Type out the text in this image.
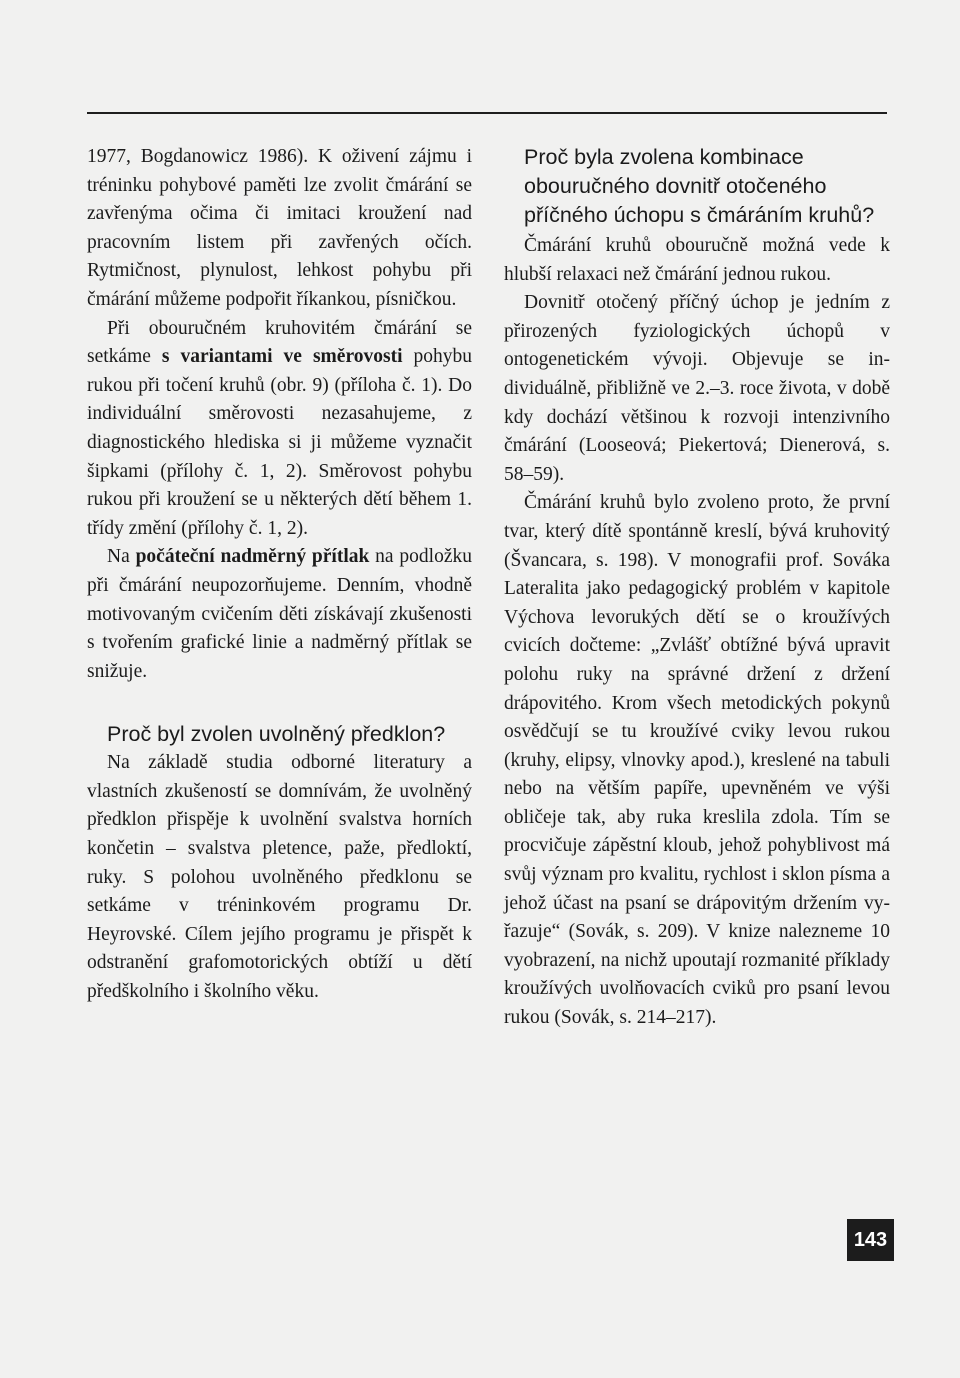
1977, Bogdanowicz 1986). K oživení zájmu i tréninku pohybové paměti lze zvolit čmárání se zavřenýma očima či imitaci kroužení nad pracovním listem při zavřených očích. Rytmičnost, plynulost, lehkost pohybu při čmárání můžeme podpořit říkankou, písničkou.

Při obouručném kruhovitém čmárání se setkáme s variantami ve směrovosti pohybu rukou při točení kruhů (obr. 9) (příloha č. 1). Do individuální směrovosti nezasahujeme, z diagnostického hlediska si ji můžeme vyznačit šipkami (přílohy č. 1, 2). Směrovost pohybu rukou při kroužení se u některých dětí během 1. třídy změní (přílohy č. 1, 2).

Na počáteční nadměrný přítlak na podložku při čmárání neupozorňujeme. Denním, vhodně motivovaným cvičením děti získávají zkušenosti s tvořením grafické linie a nadměrný přítlak se snižuje.

Proč byl zvolen uvolněný předklon?

Na základě studia odborné literatury a vlastních zkušeností se domnívám, že uvolněný předklon přispěje k uvolnění svalstva horních končetin – svalstva pletence, paže, předloktí, ruky. S polohou uvolněného předklonu se setkáme v tréninkovém programu Dr. Heyrovské. Cílem jejího programu je přispět k odstranění grafomotorických obtíží u dětí předškolního i školního věku.

Proč byla zvolena kombinace obouručného dovnitř otočeného příčného úchopu s čmáráním kruhů?

Čmárání kruhů obouručně možná vede k hlubší relaxaci než čmárání jednou rukou.

Dovnitř otočený příčný úchop je jedním z přirozených fyziologických úchopů v ontogenetickém vývoji. Objevuje se individuálně, přibližně ve 2.–3. roce života, v době kdy dochází většinou k rozvoji intenzivního čmárání (Looseová; Piekertová; Dienerová, s. 58–59).

Čmárání kruhů bylo zvoleno proto, že první tvar, který dítě spontánně kreslí, bývá kruhovitý (Švancara, s. 198). V monografii prof. Sováka Lateralita jako pedagogický problém v kapitole Výchova levorukých dětí se o kroužívých cvicích dočteme: „Zvlášť obtížné bývá upravit polohu ruky na správné držení z držení drápovitého. Krom všech metodických pokynů osvědčují se tu kroužívé cviky levou rukou (kruhy, elipsy, vlnovky apod.), kreslené na tabuli nebo na větším papíře, upevněném ve výši obličeje tak, aby ruka kreslila zdola. Tím se procvičuje zápěstní kloub, jehož pohyblivost má svůj význam pro kvalitu, rychlost i sklon písma a jehož účast na psaní se drápovitým držením vyřazuje“ (Sovák, s. 209). V knize nalezneme 10 vyobrazení, na nichž upoutají rozmanité příklady kroužívých uvolňovacích cviků pro psaní levou rukou (Sovák, s. 214–217).

143
